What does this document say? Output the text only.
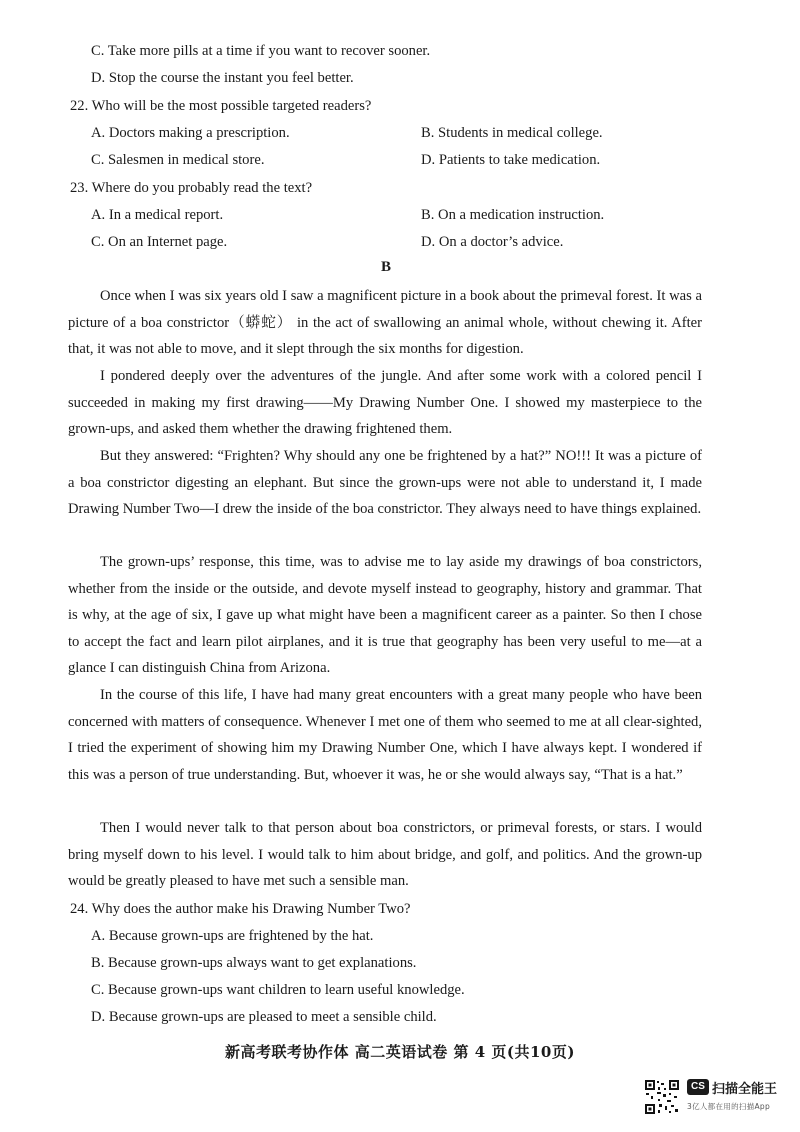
C. Take more pills at a time if you want to recover sooner.
D. Stop the course the instant you feel better.
22. Who will be the most possible targeted readers?
A. Doctors making a prescription.	B. Students in medical college.
C. Salesmen in medical store.	D. Patients to take medication.
23. Where do you probably read the text?
A. In a medical report.	B. On a medication instruction.
C. On an Internet page.	D. On a doctor’s advice.
B
Once when I was six years old I saw a magnificent picture in a book about the primeval forest. It was a picture of a boa constrictor（蟒蛇） in the act of swallowing an animal whole, without chewing it. After that, it was not able to move, and it slept through the six months for digestion.
I pondered deeply over the adventures of the jungle. And after some work with a colored pencil I succeeded in making my first drawing——My Drawing Number One. I showed my masterpiece to the grown-ups, and asked them whether the drawing frightened them.
But they answered: “Frighten? Why should any one be frightened by a hat?” NO!!! It was a picture of a boa constrictor digesting an elephant. But since the grown-ups were not able to understand it, I made Drawing Number Two—I drew the inside of the boa constrictor. They always need to have things explained.
The grown-ups’ response, this time, was to advise me to lay aside my drawings of boa constrictors, whether from the inside or the outside, and devote myself instead to geography, history and grammar. That is why, at the age of six, I gave up what might have been a magnificent career as a painter. So then I chose to accept the fact and learn pilot airplanes, and it is true that geography has been very useful to me—at a glance I can distinguish China from Arizona.
In the course of this life, I have had many great encounters with a great many people who have been concerned with matters of consequence. Whenever I met one of them who seemed to me at all clear-sighted, I tried the experiment of showing him my Drawing Number One, which I have always kept. I wondered if this was a person of true understanding. But, whoever it was, he or she would always say, “That is a hat.”
Then I would never talk to that person about boa constrictors, or primeval forests, or stars. I would bring myself down to his level. I would talk to him about bridge, and golf, and politics. And the grown-up would be greatly pleased to have met such a sensible man.
24. Why does the author make his Drawing Number Two?
A. Because grown-ups are frightened by the hat.
B. Because grown-ups always want to get explanations.
C. Because grown-ups want children to learn useful knowledge.
D. Because grown-ups are pleased to meet a sensible child.
新高考联考协作体 高二英语试卷 第 4 页(共10页)
CS 扫描全能王
3亿人都在用的扫描App
